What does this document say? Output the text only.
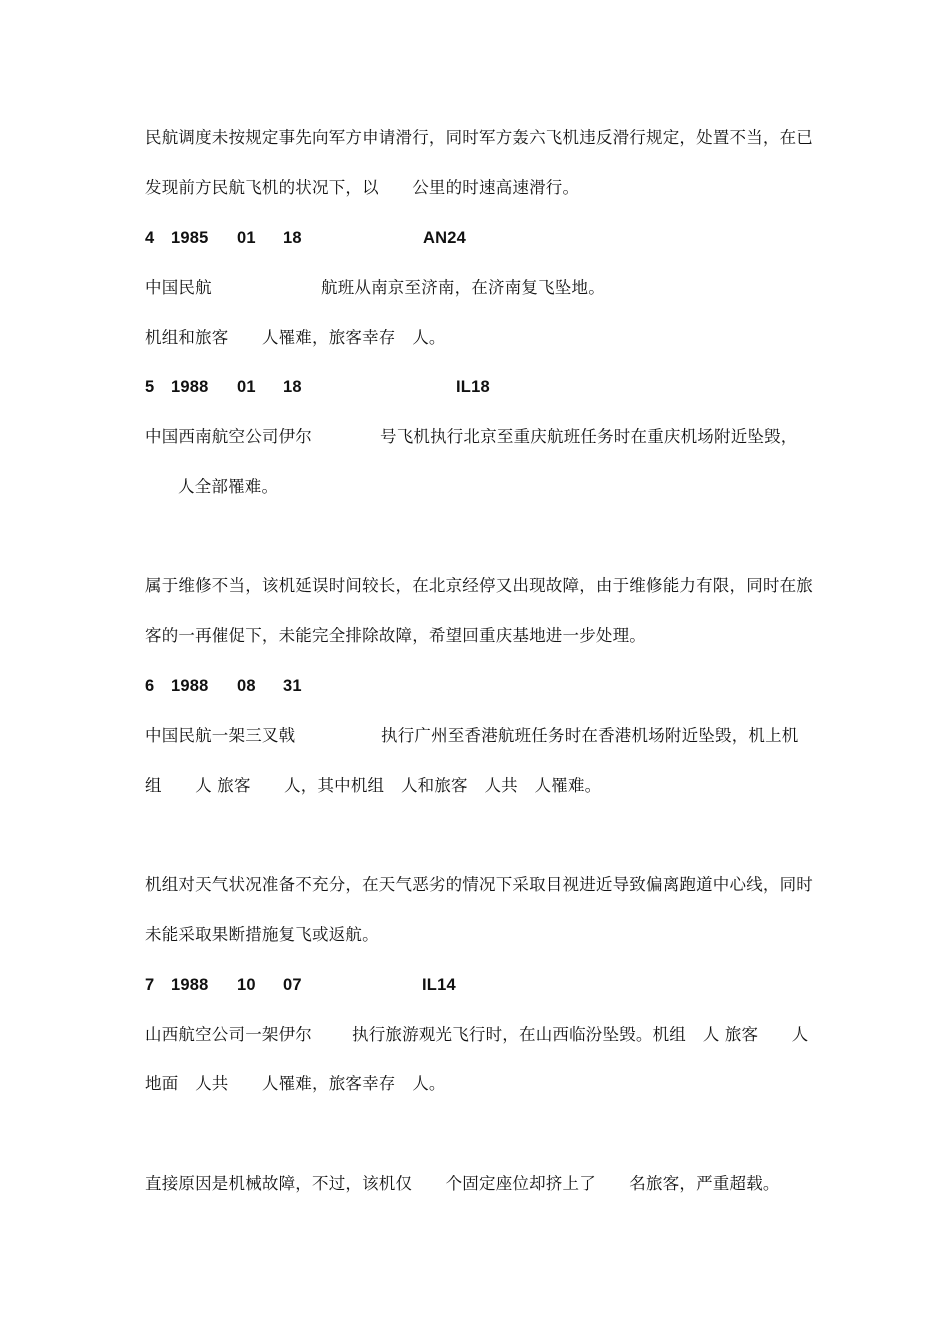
民航调度未按规定事先向军方申请滑行，同时军方轰六飞机违反滑行规定，处置不当，在已
发现前方民航飞机的状况下，以　　公里的时速高速滑行。
4 1985 01 18	AN24
中国民航	航班从南京至济南，在济南复飞坠地。
机组和旅客　　人罹难，旅客幸存　人。
5 1988 01 18	IL18
中国西南航空公司伊尔	号飞机执行北京至重庆航班任务时在重庆机场附近坠毁，
人全部罹难。
属于维修不当，该机延误时间较长，在北京经停又出现故障，由于维修能力有限，同时在旅
客的一再催促下，未能完全排除故障，希望回重庆基地进一步处理。
6 1988 08 31
中国民航一架三叉戟	执行广州至香港航班任务时在香港机场附近坠毁，机上机
组　　人 旅客　　人，其中机组　人和旅客　人共　人罹难。
机组对天气状况准备不充分，在天气恶劣的情况下采取目视进近导致偏离跑道中心线，同时
未能采取果断措施复飞或返航。
7 1988 10 07	IL14
山西航空公司一架伊尔 执行旅游观光飞行时，在山西临汾坠毁。机组　人 旅客　　人
地面　人共　　人罹难，旅客幸存　人。
直接原因是机械故障，不过，该机仅　　个固定座位却挤上了　　名旅客，严重超载。
